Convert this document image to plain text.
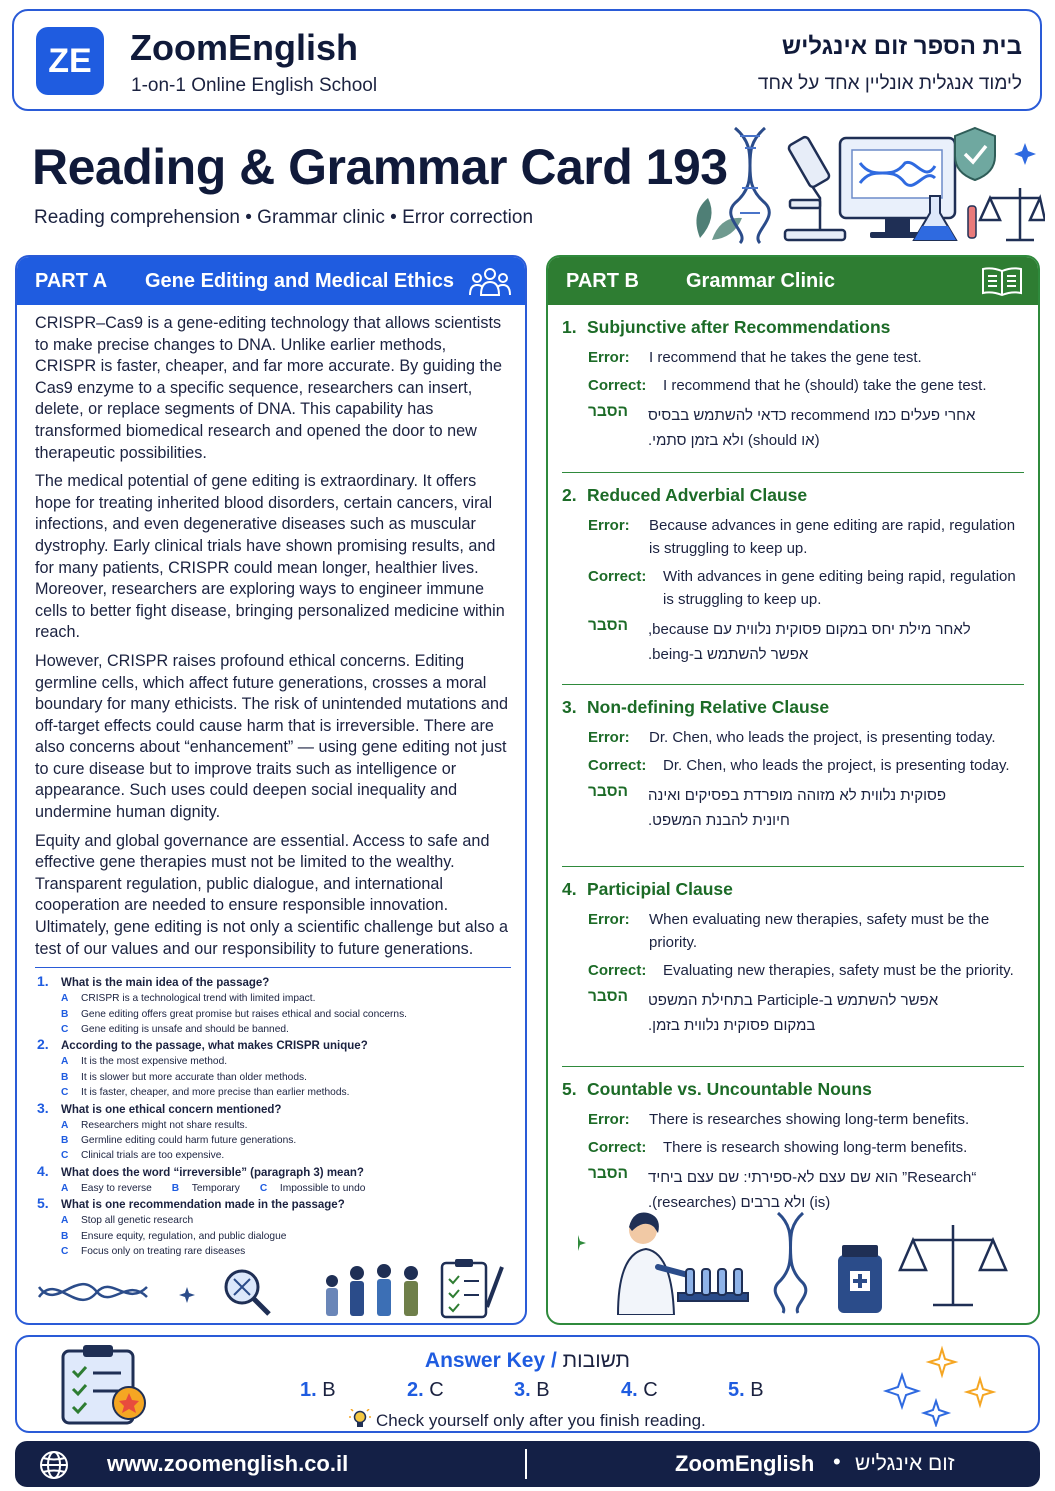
ZE ZoomEnglish
1-on-1 Online English School
בית הספר זום אינגליש
לימוד אנגלית אונליין אחד על אחד
Reading & Grammar Card 193
Reading comprehension • Grammar clinic • Error correction
PART A	Gene Editing and Medical Ethics

CRISPR–Cas9 is a gene-editing technology that allows scientists to make precise changes to DNA. Unlike earlier methods, CRISPR is faster, cheaper, and far more accurate. By guiding the Cas9 enzyme to a specific sequence, researchers can insert, delete, or replace segments of DNA. This capability has transformed biomedical research and opened the door to new therapeutic possibilities.

The medical potential of gene editing is extraordinary. It offers hope for treating inherited blood disorders, certain cancers, viral infections, and even degenerative diseases such as muscular dystrophy. Early clinical trials have shown promising results, and for many patients, CRISPR could mean longer, healthier lives. Moreover, researchers are exploring ways to engineer immune cells to better fight disease, bringing personalized medicine within reach.

However, CRISPR raises profound ethical concerns. Editing germline cells, which affect future generations, crosses a moral boundary for many ethicists. The risk of unintended mutations and off-target effects could cause harm that is irreversible. There are also concerns about “enhancement” — using gene editing not just to cure disease but to improve traits such as intelligence or appearance. Such uses could deepen social inequality and undermine human dignity.

Equity and global governance are essential. Access to safe and effective gene therapies must not be limited to the wealthy. Transparent regulation, public dialogue, and international cooperation are needed to ensure responsible innovation. Ultimately, gene editing is not only a scientific challenge but also a test of our values and our responsibility to future generations.

1.	What is the main idea of the passage?
A	CRISPR is a technological trend with limited impact.
B	Gene editing offers great promise but raises ethical and social concerns.
C	Gene editing is unsafe and should be banned.
2.	According to the passage, what makes CRISPR unique?
A	It is the most expensive method.
B	It is slower but more accurate than older methods.
C	It is faster, cheaper, and more precise than earlier methods.
3.	What is one ethical concern mentioned?
A	Researchers might not share results.
B	Germline editing could harm future generations.
C	Clinical trials are too expensive.
4.	What does the word “irreversible” (paragraph 3) mean?
A	Easy to reverse B	Temporary C	Impossible to undo
5.	What is one recommendation made in the passage?
A	Stop all genetic research
B	Ensure equity, regulation, and public dialogue
C	Focus only on treating rare diseases
PART B	Grammar Clinic
1. Subjunctive after Recommendations
Error:	I recommend that he takes the gene test.
Correct:	I recommend that he (should) take the gene test.
הסבר	אחרי פעלים כמו recommend כדאי להשתמש בבסיס (או should) ולא בזמן סתמי.
2. Reduced Adverbial Clause
Error:	Because advances in gene editing are rapid, regulation is struggling to keep up.
Correct:	With advances in gene editing being rapid, regulation is struggling to keep up.
הסבר	לאחר מילת יחס במקום פסוקית נלווית עם because, אפשר להשתמש ב-being.
3. Non-defining Relative Clause
Error:	Dr. Chen, who leads the project, is presenting today.
Correct:	Dr. Chen, who leads the project, is presenting today.
הסבר	פסוקית נלווית לא מזוהה מופרדת בפסיקים ואינה חיונית להבנת המשפט.
4. Participial Clause
Error:	When evaluating new therapies, safety must be the priority.
Correct:	Evaluating new therapies, safety must be the priority.
הסבר	אפשר להשתמש ב-Participle בתחילת המשפט במקום פסוקית נלווית בזמן.
5. Countable vs. Uncountable Nouns
Error:	There is researches showing long-term benefits.
Correct:	There is research showing long-term benefits.
הסבר	“Research” הוא שם עצם לא-ספירתי: שם עצם ביחיד (is) ולא ברבים (researches).
Answer Key / תשובות
1. B	2. C	3. B	4. C	5. B
Check yourself only after you finish reading.
www.zoomenglish.co.il	ZoomEnglish • זום אינגליש
